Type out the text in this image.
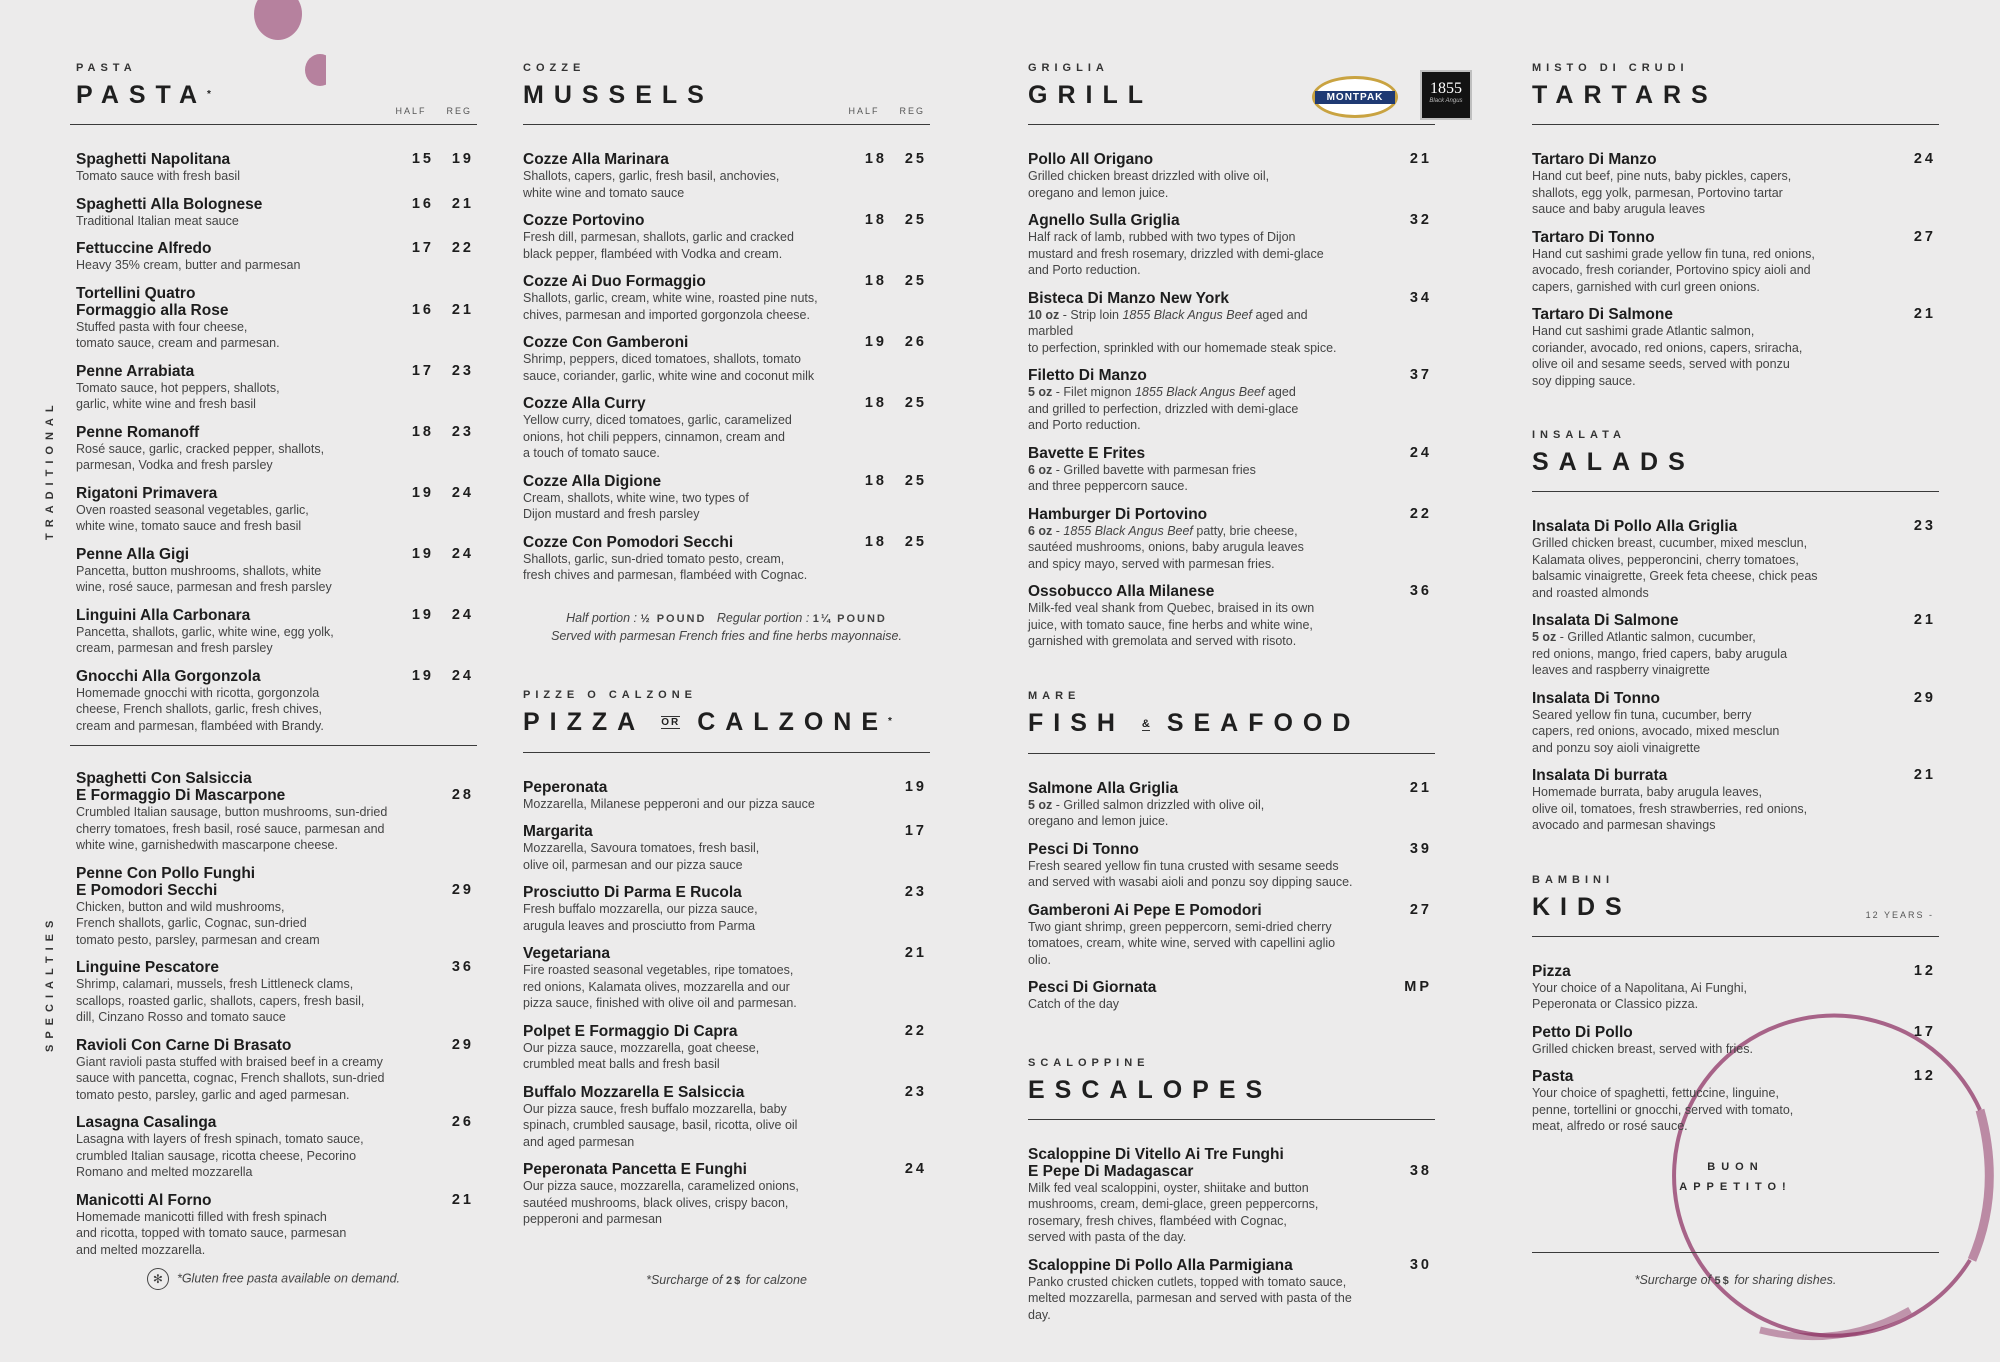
TRADITIONAL
SPECIALTIES
PASTA
PASTA*
HALF REG
Spaghetti Napolitana
Tomato sauce with fresh basil
15 19
Spaghetti Alla Bolognese
Traditional Italian meat sauce
16 21
Fettuccine Alfredo
Heavy 35% cream, butter and parmesan
17 22
Tortellini Quatro
Formaggio alla Rose
Stuffed pasta with four cheese,
tomato sauce, cream and parmesan.
16 21
Penne Arrabiata
Tomato sauce, hot peppers, shallots,
garlic, white wine and fresh basil
17 23
Penne Romanoff
Rosé sauce, garlic, cracked pepper, shallots,
parmesan, Vodka and fresh parsley
18 23
Rigatoni Primavera
Oven roasted seasonal vegetables, garlic,
white wine, tomato sauce and fresh basil
19 24
Penne Alla Gigi
Pancetta, button mushrooms, shallots, white
wine, rosé sauce, parmesan and fresh parsley
19 24
Linguini Alla Carbonara
Pancetta, shallots, garlic, white wine, egg yolk,
cream, parmesan and fresh parsley
19 24
Gnocchi Alla Gorgonzola
Homemade gnocchi with ricotta, gorgonzola
cheese, French shallots, garlic, fresh chives,
cream and parmesan, flambéed with Brandy.
19 24
Spaghetti Con Salsiccia
E Formaggio Di Mascarpone
Crumbled Italian sausage, button mushrooms, sun-dried
cherry tomatoes, fresh basil, rosé sauce, parmesan and
white wine, garnishedwith mascarpone cheese.
28
Penne Con Pollo Funghi
E Pomodori Secchi
Chicken, button and wild mushrooms,
French shallots, garlic, Cognac, sun-dried
tomato pesto, parsley, parmesan and cream
29
Linguine Pescatore
Shrimp, calamari, mussels, fresh Littleneck clams,
scallops, roasted garlic, shallots, capers, fresh basil,
dill, Cinzano Rosso and tomato sauce
36
Ravioli Con Carne Di Brasato
Giant ravioli pasta stuffed with braised beef in a creamy
sauce with pancetta, cognac, French shallots, sun-dried
tomato pesto, parsley, garlic and aged parmesan.
29
Lasagna Casalinga
Lasagna with layers of fresh spinach, tomato sauce,
crumbled Italian sausage, ricotta cheese, Pecorino
Romano and melted mozzarella
26
Manicotti Al Forno
Homemade manicotti filled with fresh spinach
and ricotta, topped with tomato sauce, parmesan
and melted mozzarella.
21
✻ *Gluten free pasta available on demand.
COZZE
MUSSELS
HALF REG
Cozze Alla Marinara
Shallots, capers, garlic, fresh basil, anchovies,
white wine and tomato sauce
18 25
Cozze Portovino
Fresh dill, parmesan, shallots, garlic and cracked
black pepper, flambéed with Vodka and cream.
18 25
Cozze Ai Duo Formaggio
Shallots, garlic, cream, white wine, roasted pine nuts,
chives, parmesan and imported gorgonzola cheese.
18 25
Cozze Con Gamberoni
Shrimp, peppers, diced tomatoes, shallots, tomato
sauce, coriander, garlic, white wine and coconut milk
19 26
Cozze Alla Curry
Yellow curry, diced tomatoes, garlic, caramelized
onions, hot chili peppers, cinnamon, cream and
a touch of tomato sauce.
18 25
Cozze Alla Digione
Cream, shallots, white wine, two types of
Dijon mustard and fresh parsley
18 25
Cozze Con Pomodori Secchi
Shallots, garlic, sun-dried tomato pesto, cream,
fresh chives and parmesan, flambéed with Cognac.
18 25
Half portion : ½ POUND Regular portion : 1¼ POUND
Served with parmesan French fries and fine herbs mayonnaise.
PIZZE O CALZONE
PIZZA OR CALZONE*
Peperonata
Mozzarella, Milanese pepperoni and our pizza sauce
19
Margarita
Mozzarella, Savoura tomatoes, fresh basil,
olive oil, parmesan and our pizza sauce
17
Prosciutto Di Parma E Rucola
Fresh buffalo mozzarella, our pizza sauce,
arugula leaves and prosciutto from Parma
23
Vegetariana
Fire roasted seasonal vegetables, ripe tomatoes,
red onions, Kalamata olives, mozzarella and our
pizza sauce, finished with olive oil and parmesan.
21
Polpet E Formaggio Di Capra
Our pizza sauce, mozzarella, goat cheese,
crumbled meat balls and fresh basil
22
Buffalo Mozzarella E Salsiccia
Our pizza sauce, fresh buffalo mozzarella, baby
spinach, crumbled sausage, basil, ricotta, olive oil
and aged parmesan
23
Peperonata Pancetta E Funghi
Our pizza sauce, mozzarella, caramelized onions,
sautéed mushrooms, black olives, crispy bacon,
pepperoni and parmesan
24
*Surcharge of 2$ for calzone
MONTPAK
1855
Black Angus
GRIGLIA
GRILL
Pollo All Origano
Grilled chicken breast drizzled with olive oil,
oregano and lemon juice.
21
Agnello Sulla Griglia
Half rack of lamb, rubbed with two types of Dijon
mustard and fresh rosemary, drizzled with demi-glace
and Porto reduction.
32
Bisteca Di Manzo New York
10 oz - Strip loin 1855 Black Angus Beef aged and marbled
to perfection, sprinkled with our homemade steak spice.
34
Filetto Di Manzo
5 oz - Filet mignon 1855 Black Angus Beef aged
and grilled to perfection, drizzled with demi-glace
and Porto reduction.
37
Bavette E Frites
6 oz - Grilled bavette with parmesan fries
and three peppercorn sauce.
24
Hamburger Di Portovino
6 oz - 1855 Black Angus Beef patty, brie cheese,
sautéed mushrooms, onions, baby arugula leaves
and spicy mayo, served with parmesan fries.
22
Ossobucco Alla Milanese
Milk-fed veal shank from Quebec, braised in its own
juice, with tomato sauce, fine herbs and white wine,
garnished with gremolata and served with risoto.
36
MARE
FISH & SEAFOOD
Salmone Alla Griglia
5 oz - Grilled salmon drizzled with olive oil,
oregano and lemon juice.
21
Pesci Di Tonno
Fresh seared yellow fin tuna crusted with sesame seeds
and served with wasabi aioli and ponzu soy dipping sauce.
39
Gamberoni Ai Pepe E Pomodori
Two giant shrimp, green peppercorn, semi-dried cherry
tomatoes, cream, white wine, served with capellini aglio olio.
27
Pesci Di Giornata
Catch of the day
MP
SCALOPPINE
ESCALOPES
Scaloppine Di Vitello Ai Tre Funghi
E Pepe Di Madagascar
Milk fed veal scaloppini, oyster, shiitake and button
mushrooms, cream, demi-glace, green peppercorns,
rosemary, fresh chives, flambéed with Cognac,
served with pasta of the day.
38
Scaloppine Di Pollo Alla Parmigiana
Panko crusted chicken cutlets, topped with tomato sauce,
melted mozzarella, parmesan and served with pasta of the day.
30
MISTO DI CRUDI
TARTARS
Tartaro Di Manzo
Hand cut beef, pine nuts, baby pickles, capers,
shallots, egg yolk, parmesan, Portovino tartar
sauce and baby arugula leaves
24
Tartaro Di Tonno
Hand cut sashimi grade yellow fin tuna, red onions,
avocado, fresh coriander, Portovino spicy aioli and
capers, garnished with curl green onions.
27
Tartaro Di Salmone
Hand cut sashimi grade Atlantic salmon,
coriander, avocado, red onions, capers, sriracha,
olive oil and sesame seeds, served with ponzu
soy dipping sauce.
21
INSALATA
SALADS
Insalata Di Pollo Alla Griglia
Grilled chicken breast, cucumber, mixed mesclun,
Kalamata olives, pepperoncini, cherry tomatoes,
balsamic vinaigrette, Greek feta cheese, chick peas
and roasted almonds
23
Insalata Di Salmone
5 oz - Grilled Atlantic salmon, cucumber,
red onions, mango, fried capers, baby arugula
leaves and raspberry vinaigrette
21
Insalata Di Tonno
Seared yellow fin tuna, cucumber, berry
capers, red onions, avocado, mixed mesclun
and ponzu soy aioli vinaigrette
29
Insalata Di burrata
Homemade burrata, baby arugula leaves,
olive oil, tomatoes, fresh strawberries, red onions,
avocado and parmesan shavings
21
BAMBINI
KIDS	12 YEARS -
Pizza
Your choice of a Napolitana, Ai Funghi,
Peperonata or Classico pizza.
12
Petto Di Pollo
Grilled chicken breast, served with fries.
17
Pasta
Your choice of spaghetti, fettuccine, linguine,
penne, tortellini or gnocchi, served with tomato,
meat, alfredo or rosé sauce.
12
BUON
APPETITO!
*Surcharge of 5$ for sharing dishes.
